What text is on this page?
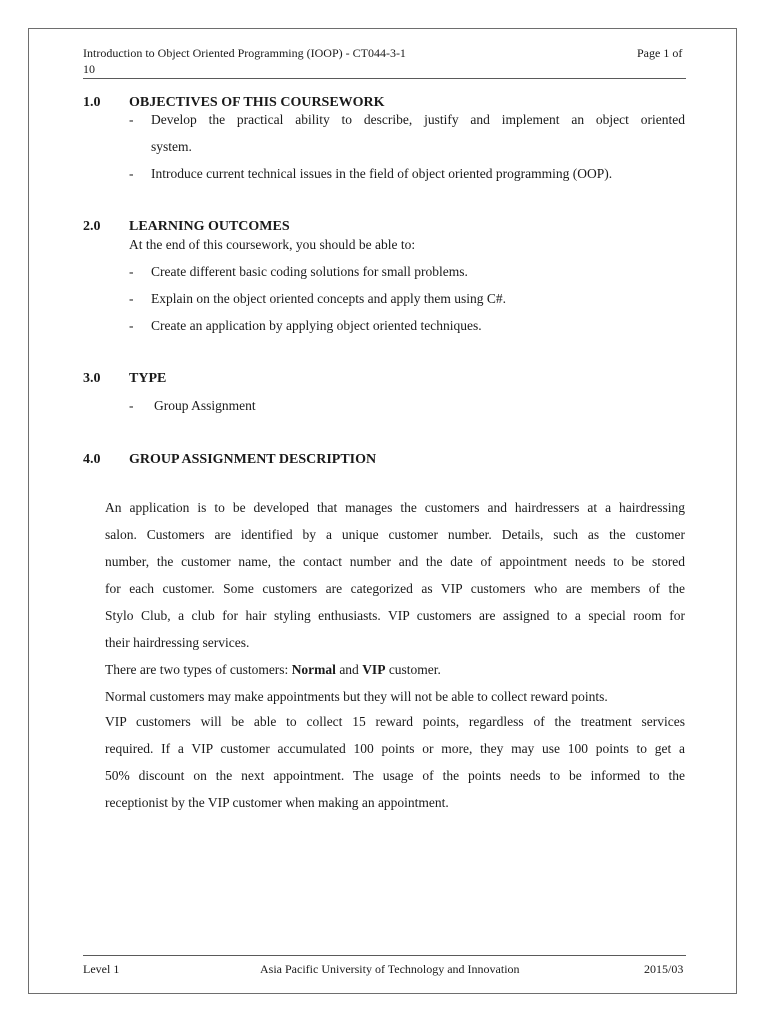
Introduction to Object Oriented Programming (IOOP) - CT044-3-1
10
Page 1 of
1.0 OBJECTIVES OF THIS COURSEWORK
- Develop the practical ability to describe, justify and implement an object oriented
system.
- Introduce current technical issues in the field of object oriented programming (OOP).
2.0 LEARNING OUTCOMES
At the end of this coursework, you should be able to:
- Create different basic coding solutions for small problems.
- Explain on the object oriented concepts and apply them using C#.
- Create an application by applying object oriented techniques.
3.0 TYPE
- Group Assignment
4.0 GROUP ASSIGNMENT DESCRIPTION
An application is to be developed that manages the customers and hairdressers at a hairdressing
salon. Customers are identified by a unique customer number. Details, such as the customer
number, the customer name, the contact number and the date of appointment needs to be stored
for each customer. Some customers are categorized as VIP customers who are members of the
Stylo Club, a club for hair styling enthusiasts. VIP customers are assigned to a special room for
their hairdressing services.
There are two types of customers: Normal and VIP customer.
Normal customers may make appointments but they will not be able to collect reward points.
VIP customers will be able to collect 15 reward points, regardless of the treatment services
required. If a VIP customer accumulated 100 points or more, they may use 100 points to get a
50% discount on the next appointment. The usage of the points needs to be informed to the
receptionist by the VIP customer when making an appointment.
Level 1	Asia Pacific University of Technology and Innovation	2015/03
